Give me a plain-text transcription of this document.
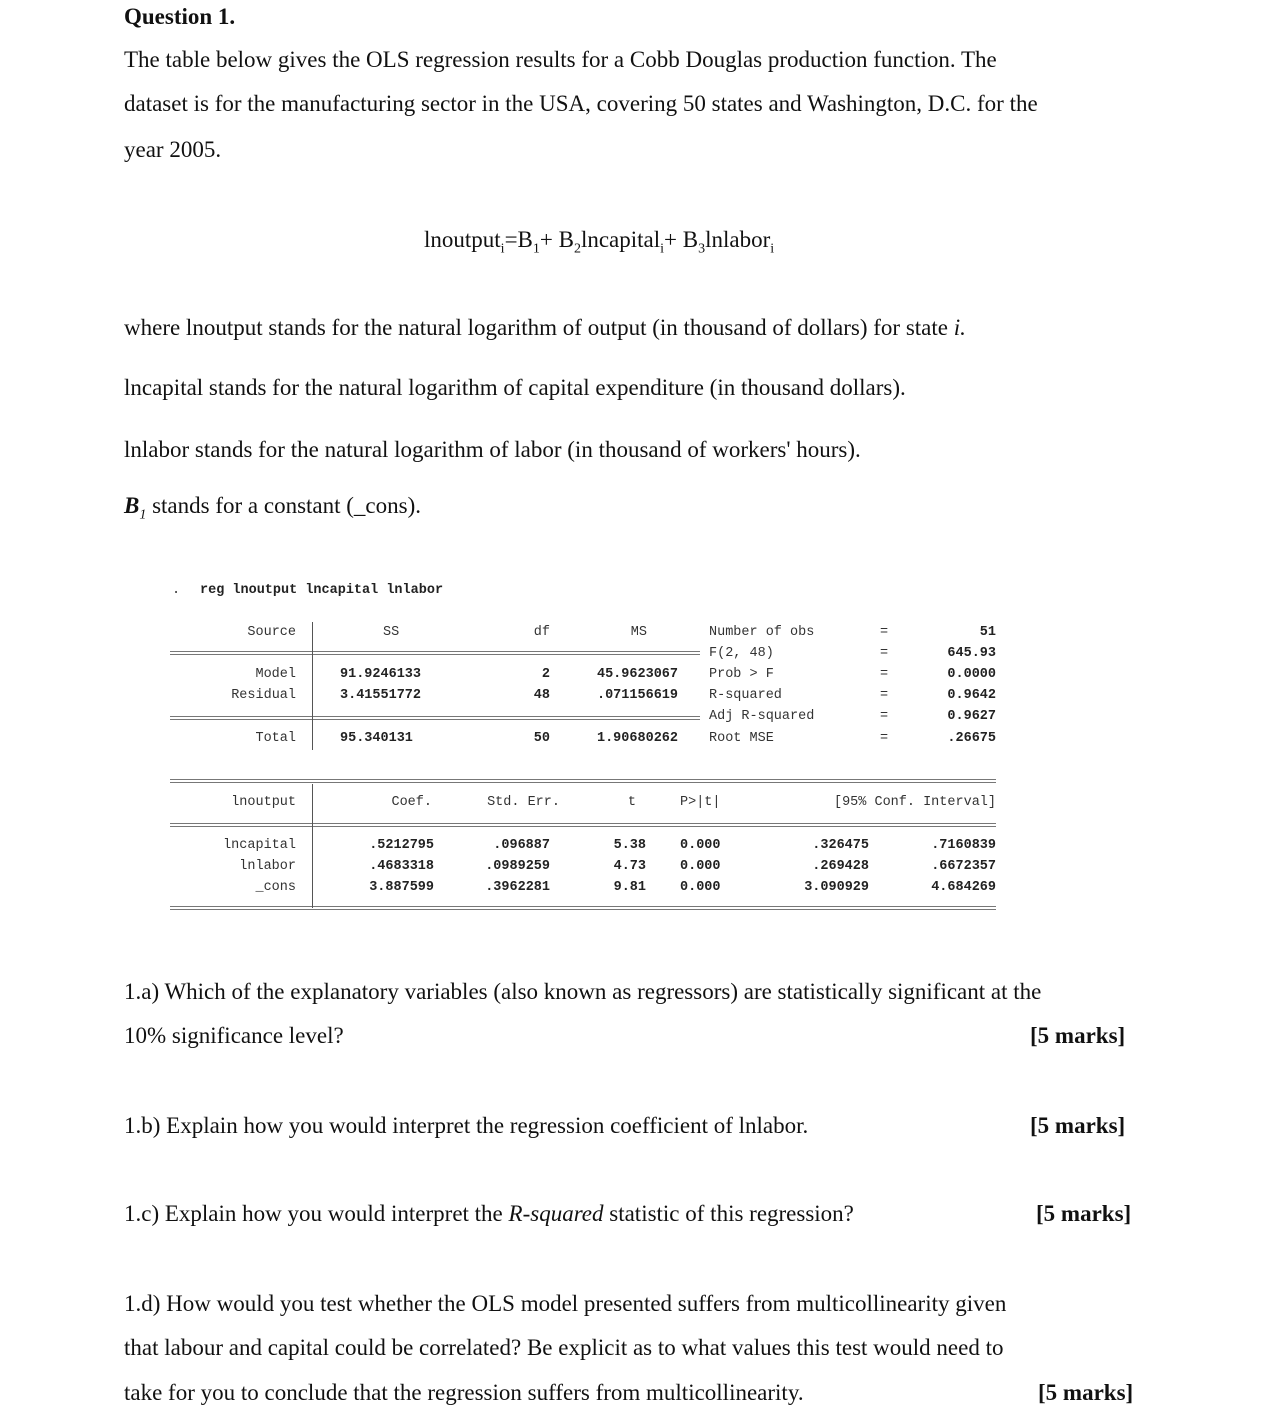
Question 1.
The table below gives the OLS regression results for a Cobb Douglas production function. The
dataset is for the manufacturing sector in the USA, covering 50 states and Washington, D.C. for the
year 2005.
$lnoutput_i=B_1+$ $B_2lncapital_i+$ $B_3lnlabor_i$
where lnoutput stands for the natural logarithm of output (in thousand of dollars) for state i.
lncapital stands for the natural logarithm of capital expenditure (in thousand dollars).
lnlabor stands for the natural logarithm of labor (in thousand of workers' hours).
$B_1$ stands for a constant (_cons).
. reg lnoutput lncapital lnlabor
Source	SS	df	MS
Model	91.9246133	2	45.9623067
Residual	3.41551772	48	.071156619
Total	95.340131	50	1.90680262
Number of obs	=	51
F(2, 48)	=	645.93
Prob > F	=	0.0000
R-squared	=	0.9642
Adj R-squared	=	0.9627
Root MSE	=	.26675
lnoutput	Coef.	Std. Err.	t	P>|t|	[95% Conf. Interval]
lncapital	.5212795	.096887	5.38	0.000	.326475	.7160839
lnlabor	.4683318	.0989259	4.73	0.000	.269428	.6672357
_cons	3.887599	.3962281	9.81	0.000	3.090929	4.684269
1.a) Which of the explanatory variables (also known as regressors) are statistically significant at the
10% significance level?	[5 marks]
1.b) Explain how you would interpret the regression coefficient of lnlabor.	[5 marks]
1.c) Explain how you would interpret the R-squared statistic of this regression?	[5 marks]
1.d) How would you test whether the OLS model presented suffers from multicollinearity given
that labour and capital could be correlated? Be explicit as to what values this test would need to
take for you to conclude that the regression suffers from multicollinearity.	[5 marks]
